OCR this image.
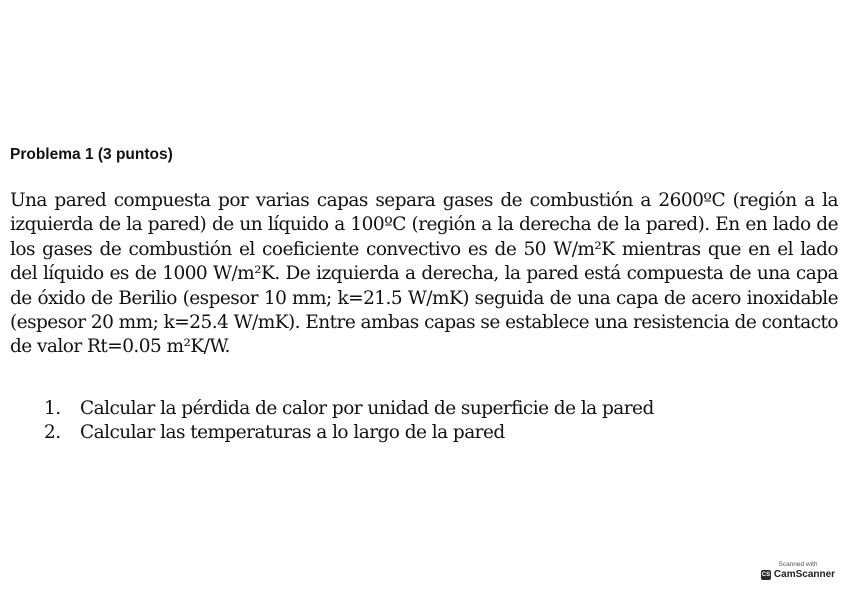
Problema 1 (3 puntos)

Una pared compuesta por varias capas separa gases de combustión a 2600ºC (región a la izquierda de la pared) de un líquido a 100ºC (región a la derecha de la pared). En en lado de los gases de combustión el coeficiente convectivo es de 50 W/m²K mientras que en el lado del líquido es de 1000 W/m²K. De izquierda a derecha, la pared está compuesta de una capa de óxido de Berilio (espesor 10 mm; k=21.5 W/mK) seguida de una capa de acero inoxidable (espesor 20 mm; k=25.4 W/mK). Entre ambas capas se establece una resistencia de contacto de valor Rt=0.05 m²K/W.

1.	Calcular la pérdida de calor por unidad de superficie de la pared
2.	Calcular las temperaturas a lo largo de la pared
Scanned with
CS CamScanner
